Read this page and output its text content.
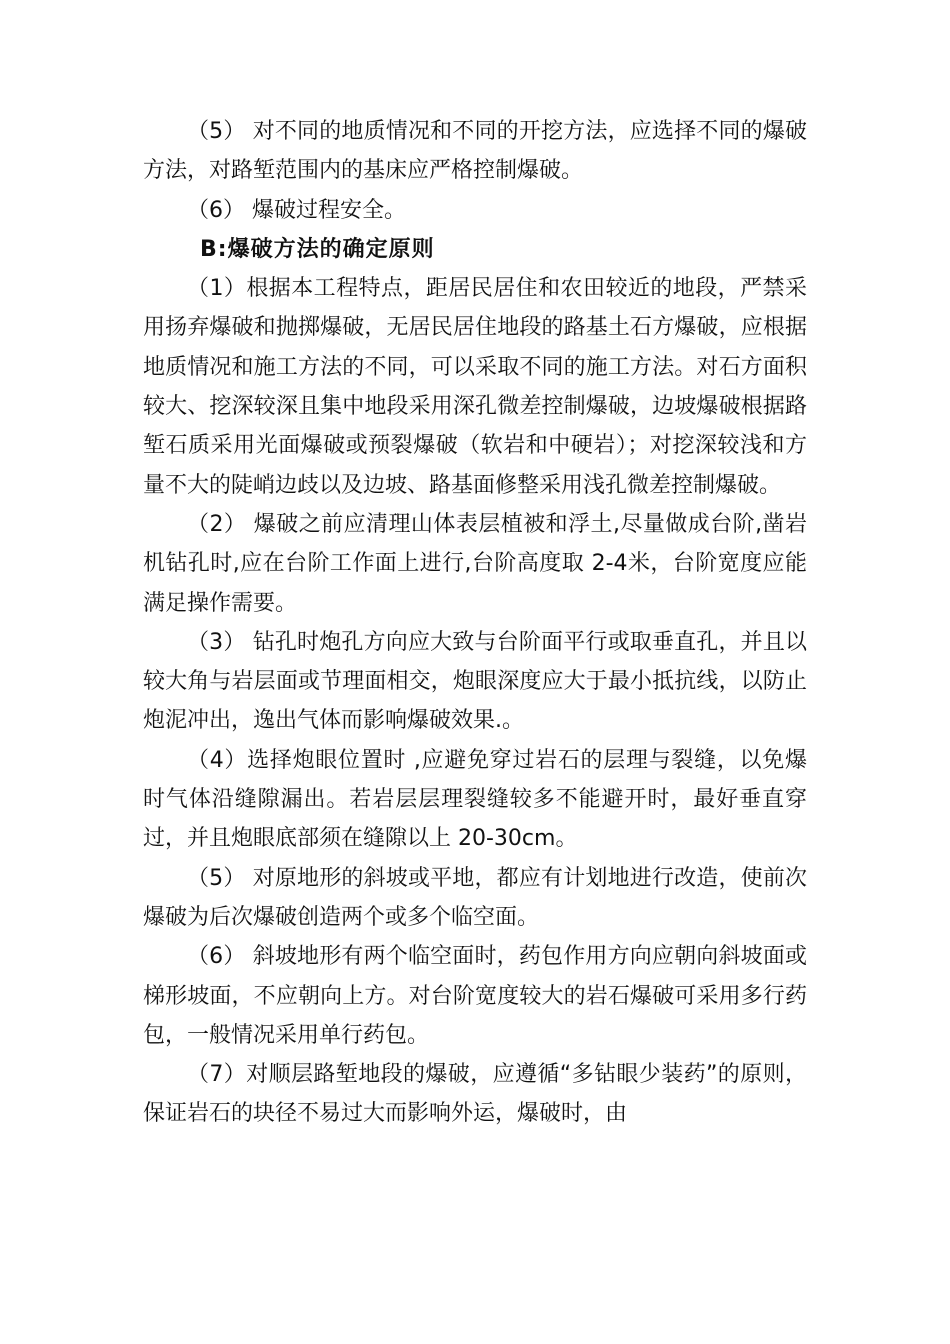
（5） 对不同的地质情况和不同的开挖方法，应选择不同的爆破方法，对路堑范围内的基床应严格控制爆破。

（6） 爆破过程安全。

B:爆破方法的确定原则

（1）根据本工程特点，距居民居住和农田较近的地段，严禁采用扬弃爆破和抛掷爆破，无居民居住地段的路基土石方爆破，应根据地质情况和施工方法的不同，可以采取不同的施工方法。对石方面积较大、挖深较深且集中地段采用深孔微差控制爆破，边坡爆破根据路堑石质采用光面爆破或预裂爆破（软岩和中硬岩）；对挖深较浅和方量不大的陡峭边歧以及边坡、路基面修整采用浅孔微差控制爆破。

（2） 爆破之前应清理山体表层植被和浮土,尽量做成台阶,凿岩机钻孔时,应在台阶工作面上进行,台阶高度取 2-4米，台阶宽度应能满足操作需要。

（3） 钻孔时炮孔方向应大致与台阶面平行或取垂直孔，并且以较大角与岩层面或节理面相交，炮眼深度应大于最小抵抗线，以防止炮泥冲出，逸出气体而影响爆破效果.。

（4）选择炮眼位置时 ,应避免穿过岩石的层理与裂缝，以免爆时气体沿缝隙漏出。若岩层层理裂缝较多不能避开时，最好垂直穿过，并且炮眼底部须在缝隙以上 20-30cm。

（5） 对原地形的斜坡或平地，都应有计划地进行改造，使前次爆破为后次爆破创造两个或多个临空面。

（6） 斜坡地形有两个临空面时，药包作用方向应朝向斜坡面或梯形坡面，不应朝向上方。对台阶宽度较大的岩石爆破可采用多行药包，一般情况采用单行药包。

（7）对顺层路堑地段的爆破，应遵循“多钻眼少装药”的原则，保证岩石的块径不易过大而影响外运，爆破时，由
